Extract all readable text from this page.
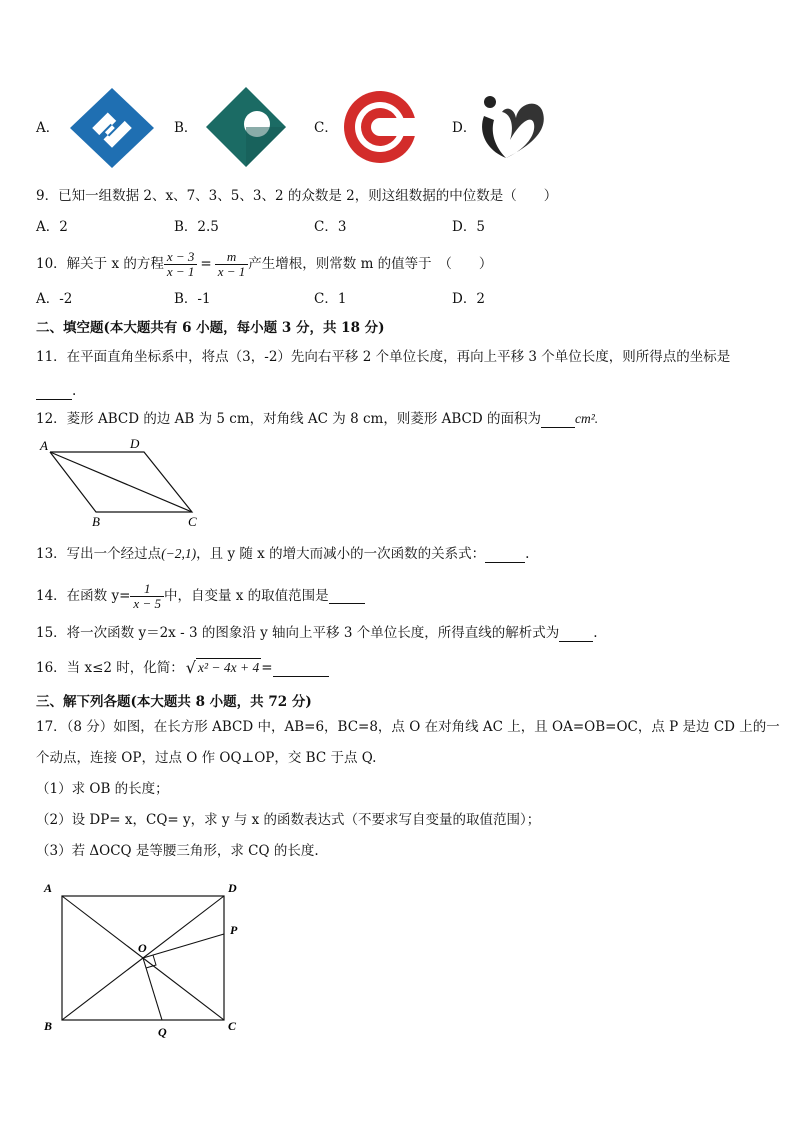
A．	B．	C．	D．
9．已知一组数据 2、x、7、3、5、3、2 的众数是 2，则这组数据的中位数是（　　）
A．2	B．2.5	C．3	D．5
10．解关于 x 的方程 $\frac{x - 3}{x - 1} = \frac{m}{x - 1}$ 产生增根，则常数 m 的值等于　（　　）
A．-2	B．-1	C．1	D．2
二、填空题(本大题共有 6 小题，每小题 3 分，共 18 分)
11．在平面直角坐标系中，将点（3，-2）先向右平移 2 个单位长度，再向上平移 3 个单位长度，则所得点的坐标是
.
12．菱形 ABCD 的边 AB 为 5 cm，对角线 AC 为 8 cm，则菱形 ABCD 的面积为	cm².
A	D
B	C
13．写出一个经过点(−2,1)，且 y 随 x 的增大而减小的一次函数的关系式：	.
14．在函数 $y= \frac{1}{x - 5}$ 中，自变量 x 的取值范围是
15．将一次函数 y＝2x - 3 的图象沿 y 轴向上平移 3 个单位长度，所得直线的解析式为	.
16．当 x≤2 时，化简： √ x² − 4x + 4 =
三、解下列各题(本大题共 8 小题，共 72 分)
17．（8 分）如图，在长方形 ABCD 中，AB=6，BC=8，点 O 在对角线 AC 上，且 OA=OB=OC，点 P 是边 CD 上的一
个动点，连接 OP，过点 O 作 OQ⊥OP，交 BC 于点 Q.
（1）求 OB 的长度；
（2）设 DP= x，CQ= y，求 y 与 x 的函数表达式（不要求写自变量的取值范围）；
（3）若 ΔOCQ 是等腰三角形，求 CQ 的长度.
A	D
P
O
B	Q	C
